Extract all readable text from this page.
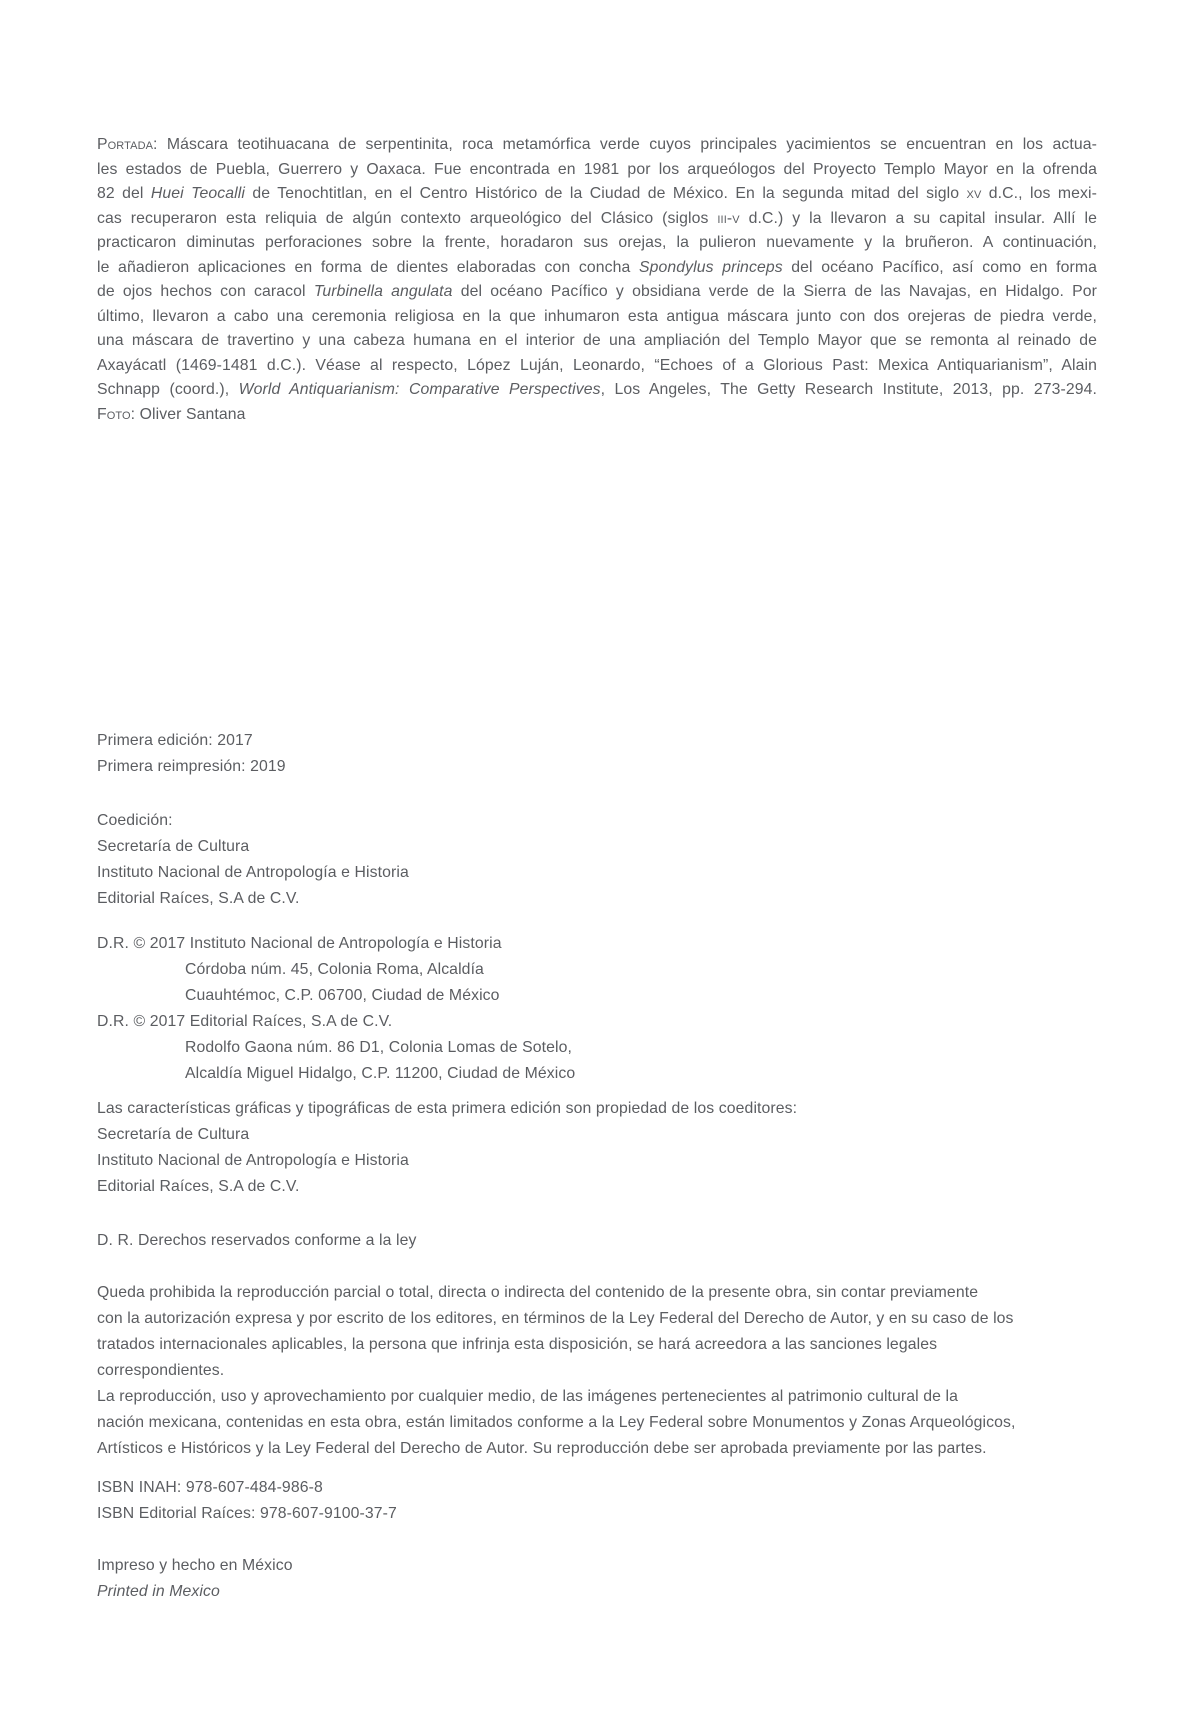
Portada: Máscara teotihuacana de serpentinita, roca metamórfica verde cuyos principales yacimientos se encuentran en los actua-
les estados de Puebla, Guerrero y Oaxaca. Fue encontrada en 1981 por los arqueólogos del Proyecto Templo Mayor en la ofrenda
82 del Huei Teocalli de Tenochtitlan, en el Centro Histórico de la Ciudad de México. En la segunda mitad del siglo xv d.C., los mexi-
cas recuperaron esta reliquia de algún contexto arqueológico del Clásico (siglos iii-v d.C.) y la llevaron a su capital insular. Allí le
practicaron diminutas perforaciones sobre la frente, horadaron sus orejas, la pulieron nuevamente y la bruñeron. A continuación,
le añadieron aplicaciones en forma de dientes elaboradas con concha Spondylus princeps del océano Pacífico, así como en forma
de ojos hechos con caracol Turbinella angulata del océano Pacífico y obsidiana verde de la Sierra de las Navajas, en Hidalgo. Por
último, llevaron a cabo una ceremonia religiosa en la que inhumaron esta antigua máscara junto con dos orejeras de piedra verde,
una máscara de travertino y una cabeza humana en el interior de una ampliación del Templo Mayor que se remonta al reinado de
Axayácatl (1469-1481 d.C.). Véase al respecto, López Luján, Leonardo, “Echoes of a Glorious Past: Mexica Antiquarianism”, Alain
Schnapp (coord.), World Antiquarianism: Comparative Perspectives, Los Angeles, The Getty Research Institute, 2013, pp. 273-294.
Foto: Oliver Santana
Primera edición: 2017
Primera reimpresión: 2019
Coedición:
Secretaría de Cultura
Instituto Nacional de Antropología e Historia
Editorial Raíces, S.A de C.V.
D.R. © 2017 Instituto Nacional de Antropología e Historia
Córdoba núm. 45, Colonia Roma, Alcaldía
Cuauhtémoc, C.P. 06700, Ciudad de México
D.R. © 2017 Editorial Raíces, S.A de C.V.
Rodolfo Gaona núm. 86 D1, Colonia Lomas de Sotelo,
Alcaldía Miguel Hidalgo, C.P. 11200, Ciudad de México
Las características gráficas y tipográficas de esta primera edición son propiedad de los coeditores:
Secretaría de Cultura
Instituto Nacional de Antropología e Historia
Editorial Raíces, S.A de C.V.
D. R. Derechos reservados conforme a la ley
Queda prohibida la reproducción parcial o total, directa o indirecta del contenido de la presente obra, sin contar previamente
con la autorización expresa y por escrito de los editores, en términos de la Ley Federal del Derecho de Autor, y en su caso de los
tratados internacionales aplicables, la persona que infrinja esta disposición, se hará acreedora a las sanciones legales
correspondientes.
La reproducción, uso y aprovechamiento por cualquier medio, de las imágenes pertenecientes al patrimonio cultural de la
nación mexicana, contenidas en esta obra, están limitados conforme a la Ley Federal sobre Monumentos y Zonas Arqueológicos,
Artísticos e Históricos y la Ley Federal del Derecho de Autor. Su reproducción debe ser aprobada previamente por las partes.
ISBN INAH: 978-607-484-986-8
ISBN Editorial Raíces: 978-607-9100-37-7
Impreso y hecho en México
Printed in Mexico
